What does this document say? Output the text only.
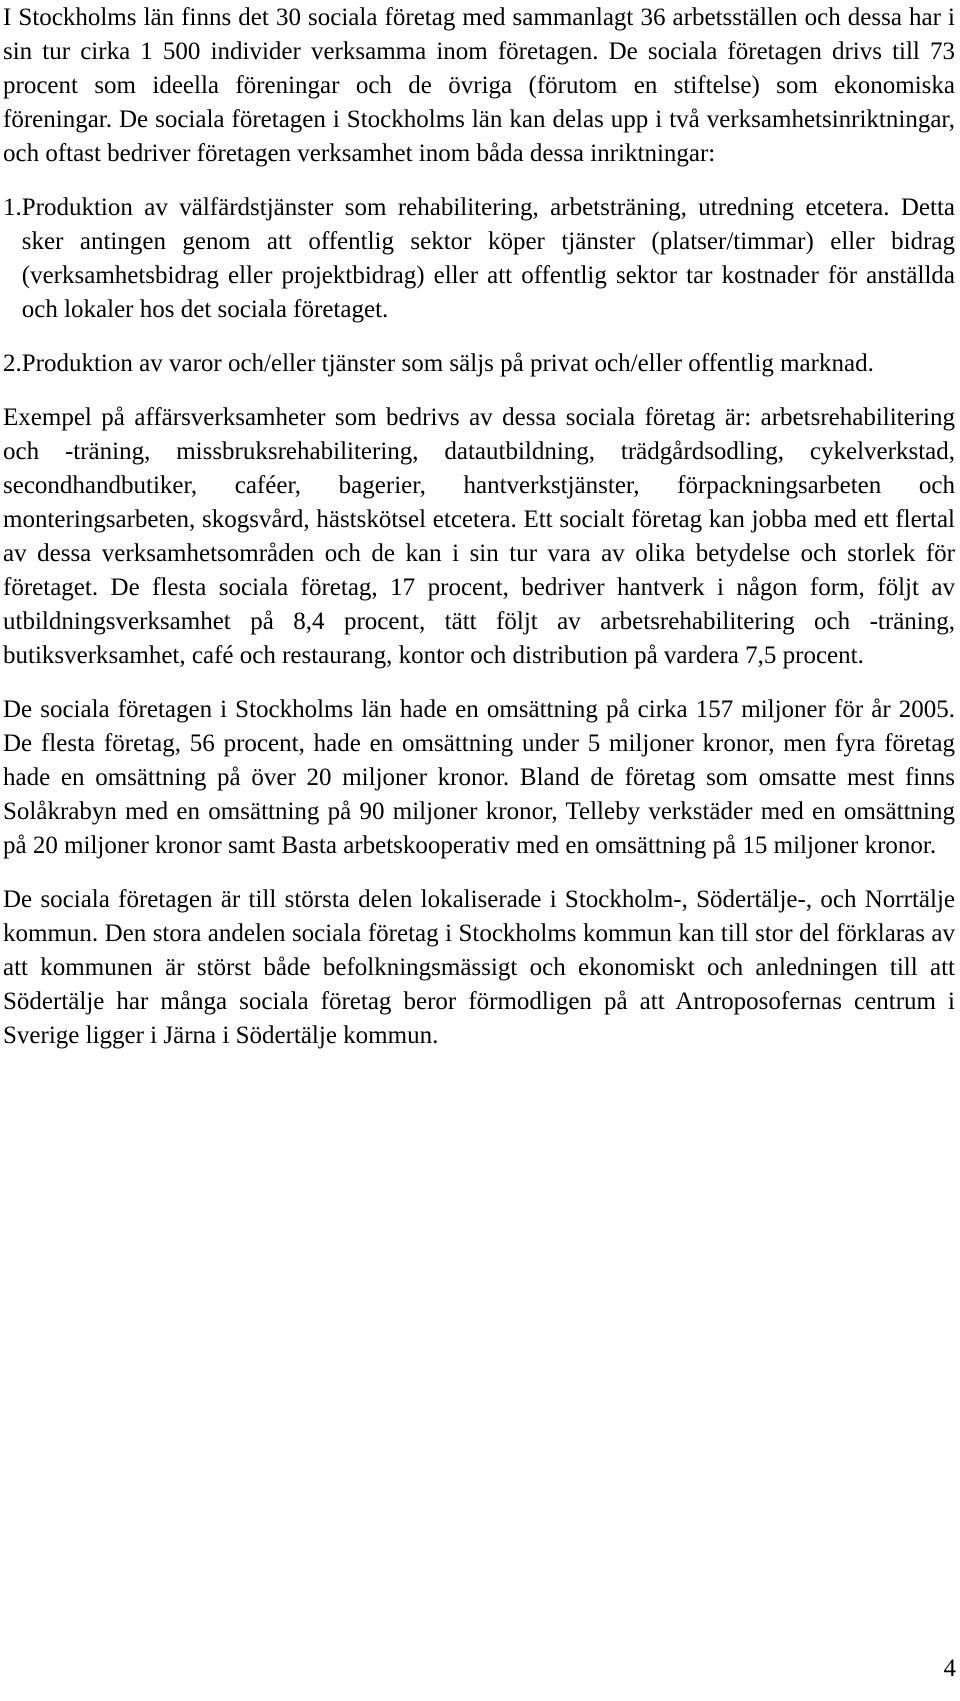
I Stockholms län finns det 30 sociala företag med sammanlagt 36 arbetsställen och dessa har i sin tur cirka 1 500 individer verksamma inom företagen. De sociala företagen drivs till 73 procent som ideella föreningar och de övriga (förutom en stiftelse) som ekonomiska föreningar. De sociala företagen i Stockholms län kan delas upp i två verksamhetsinriktningar, och oftast bedriver företagen verksamhet inom båda dessa inriktningar:

1. Produktion av välfärdstjänster som rehabilitering, arbetsträning, utredning etcetera. Detta sker antingen genom att offentlig sektor köper tjänster (platser/timmar) eller bidrag (verksamhetsbidrag eller projektbidrag) eller att offentlig sektor tar kostnader för anställda och lokaler hos det sociala företaget.

2. Produktion av varor och/eller tjänster som säljs på privat och/eller offentlig marknad.

Exempel på affärsverksamheter som bedrivs av dessa sociala företag är: arbetsrehabilitering och -träning, missbruksrehabilitering, datautbildning, trädgårdsodling, cykelverkstad, secondhandbutiker, caféer, bagerier, hantverkstjänster, förpackningsarbeten och monteringsarbeten, skogsvård, hästskötsel etcetera. Ett socialt företag kan jobba med ett flertal av dessa verksamhetsområden och de kan i sin tur vara av olika betydelse och storlek för företaget. De flesta sociala företag, 17 procent, bedriver hantverk i någon form, följt av utbildningsverksamhet på 8,4 procent, tätt följt av arbetsrehabilitering och -träning, butiksverksamhet, café och restaurang, kontor och distribution på vardera 7,5 procent.

De sociala företagen i Stockholms län hade en omsättning på cirka 157 miljoner för år 2005. De flesta företag, 56 procent, hade en omsättning under 5 miljoner kronor, men fyra företag hade en omsättning på över 20 miljoner kronor. Bland de företag som omsatte mest finns Solåkrabyn med en omsättning på 90 miljoner kronor, Telleby verkstäder med en omsättning på 20 miljoner kronor samt Basta arbetskooperativ med en omsättning på 15 miljoner kronor.

De sociala företagen är till största delen lokaliserade i Stockholm-, Södertälje-, och Norrtälje kommun. Den stora andelen sociala företag i Stockholms kommun kan till stor del förklaras av att kommunen är störst både befolkningsmässigt och ekonomiskt och anledningen till att Södertälje har många sociala företag beror förmodligen på att Antroposofernas centrum i Sverige ligger i Järna i Södertälje kommun.

4
